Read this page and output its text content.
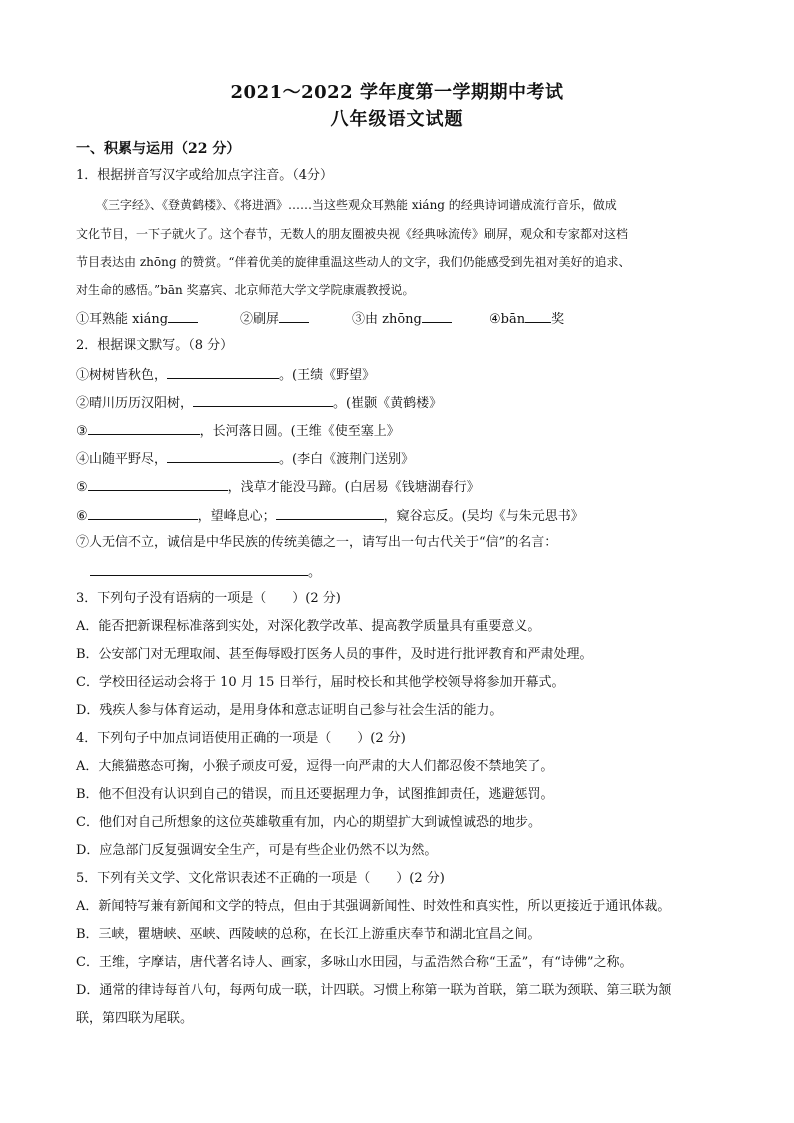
2021～2022 学年度第一学期期中考试
八年级语文试题
一、积累与运用（22 分）
1．根据拼音写汉字或给加点字注音。（4分）
《三字经》、《登黄鹤楼》、《将进酒》……当这些观众耳熟能 xiáng 的经典诗词谱成流行音乐，做成
文化节目，一下子就火了。这个春节，无数人的朋友圈被央视《经典咏流传》刷屏，观众和专家都对这档
节目表达由 zhōng 的赞赏。“伴着优美的旋律重温这些动人的文字，我们仍能感受到先祖对美好的追求、
对生命的感悟。”bān 奖嘉宾、北京师范大学文学院康震教授说。
①耳熟能 xiáng	②刷屏	③由 zhōng	④bān 奖
2．根据课文默写。（8 分）
①树树皆秋色，	。(王绩《野望》
②晴川历历汉阳树，	。(崔颢《黄鹤楼》
③	，长河落日圆。(王维《使至塞上》
④山随平野尽，	。(李白《渡荆门送别》
⑤	，浅草才能没马蹄。(白居易《钱塘湖春行》
⑥	，望峰息心；	，窥谷忘反。(吴均《与朱元思书》
⑦人无信不立，诚信是中华民族的传统美德之一，请写出一句古代关于“信”的名言：
。
3．下列句子没有语病的一项是（　　）(2 分)
A．能否把新课程标准落到实处，对深化教学改革、提高教学质量具有重要意义。
B．公安部门对无理取闹、甚至侮辱殴打医务人员的事件，及时进行批评教育和严肃处理。
C．学校田径运动会将于 10 月 15 日举行，届时校长和其他学校领导将参加开幕式。
D．残疾人参与体育运动，是用身体和意志证明自己参与社会生活的能力。
4．下列句子中加点词语使用正确的一项是（　　）(2 分)
A．大熊猫憨态可掬，小猴子顽皮可爱，逗得一向严肃的大人们都忍俊不禁地笑了。
B．他不但没有认识到自己的错误，而且还要据理力争，试图推卸责任，逃避惩罚。
C．他们对自己所想象的这位英雄敬重有加，内心的期望扩大到诚惶诚恐的地步。
D．应急部门反复强调安全生产，可是有些企业仍然不以为然。
5．下列有关文学、文化常识表述不正确的一项是（　　）(2 分)
A．新闻特写兼有新闻和文学的特点，但由于其强调新闻性、时效性和真实性，所以更接近于通讯体裁。
B．三峡，瞿塘峡、巫峡、西陵峡的总称，在长江上游重庆奉节和湖北宜昌之间。
C．王维，字摩诘，唐代著名诗人、画家，多咏山水田园，与孟浩然合称“王孟”，有“诗佛”之称。
D．通常的律诗每首八句，每两句成一联，计四联。习惯上称第一联为首联，第二联为颈联、第三联为颔
联，第四联为尾联。
